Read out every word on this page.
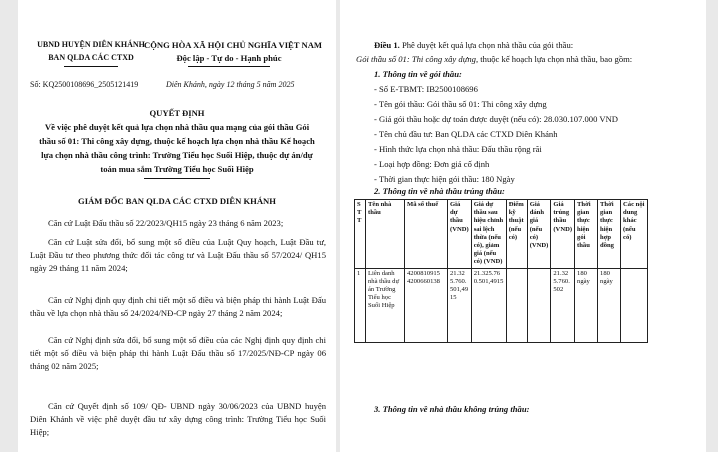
UBND HUYỆN DIÊN KHÁNH
BAN QLDA CÁC CTXD
CỘNG HÒA XÃ HỘI CHỦ NGHĨA VIỆT NAM
Độc lập - Tự do - Hạnh phúc
Số: KQ2500108696_2505121419	Diên Khánh, ngày 12 tháng 5 năm 2025
QUYẾT ĐỊNH
Về việc phê duyệt kết quả lựa chọn nhà thầu qua mạng của gói thầu Gói
thầu số 01: Thi công xây dựng, thuộc kế hoạch lựa chọn nhà thầu Kế hoạch
lựa chọn nhà thầu công trình: Trường Tiểu học Suối Hiệp, thuộc dự án/dự
toán mua sắm Trường Tiểu học Suối Hiệp
GIÁM ĐỐC BAN QLDA CÁC CTXD DIÊN KHÁNH
Căn cứ Luật Đấu thầu số 22/2023/QH15 ngày 23 tháng 6 năm 2023;
Căn cứ Luật sửa đổi, bổ sung một số điều của Luật Quy hoạch, Luật Đầu tư, Luật Đầu tư theo phương thức đối tác công tư và Luật Đấu thầu số 57/2024/ QH15 ngày 29 tháng 11 năm 2024;
Căn cứ Nghị định quy định chi tiết một số điều và biện pháp thi hành Luật Đấu thầu về lựa chọn nhà thầu số 24/2024/NĐ-CP ngày 27 tháng 2 năm 2024;
Căn cứ Nghị định sửa đổi, bổ sung một số điều của các Nghị định quy định chi tiết một số điều và biện pháp thi hành Luật Đấu thầu số 17/2025/NĐ-CP ngày 06 tháng 02 năm 2025;
Căn cứ Quyết định số 109/ QĐ- UBND ngày 30/06/2023 của UBND huyện Diên Khánh về việc phê duyệt đầu tư xây dựng công trình: Trường Tiểu học Suối Hiệp;
Điều 1. Phê duyệt kết quả lựa chọn nhà thầu của gói thầu:
Gói thầu số 01: Thi công xây dựng, thuộc kế hoạch lựa chọn nhà thầu, bao gồm:
1. Thông tin về gói thầu:
- Số E-TBMT: IB2500108696
- Tên gói thầu: Gói thầu số 01: Thi công xây dựng
- Giá gói thầu hoặc dự toán được duyệt (nếu có): 28.030.107.000 VND
- Tên chủ đầu tư: Ban QLDA các CTXD Diên Khánh
- Hình thức lựa chọn nhà thầu: Đấu thầu rộng rãi
- Loại hợp đồng: Đơn giá cố định
- Thời gian thực hiện gói thầu: 180 Ngày
2. Thông tin về nhà thầu trúng thầu:
S T T	Tên nhà thầu	Mã số thuế	Giá dự thầu (VND)	Giá dự thầu sau hiệu chỉnh sai lệch thừa (nếu có), giảm giá (nếu có) (VND)	Điểm kỹ thuật (nếu có)	Giá đánh giá (nếu có) (VND)	Giá trúng thầu (VND)	Thời gian thực hiện gói thầu	Thời gian thực hiện hợp đồng	Các nội dung khác (nếu có)
1	Liên danh nhà thầu dự án Trường Tiểu học Suối Hiệp	4200810915 4200660138	21.325.760.501,4915	21.325.760.501,4915			21.325.760.502	180 ngày	180 ngày	
3. Thông tin về nhà thầu không trúng thầu:
